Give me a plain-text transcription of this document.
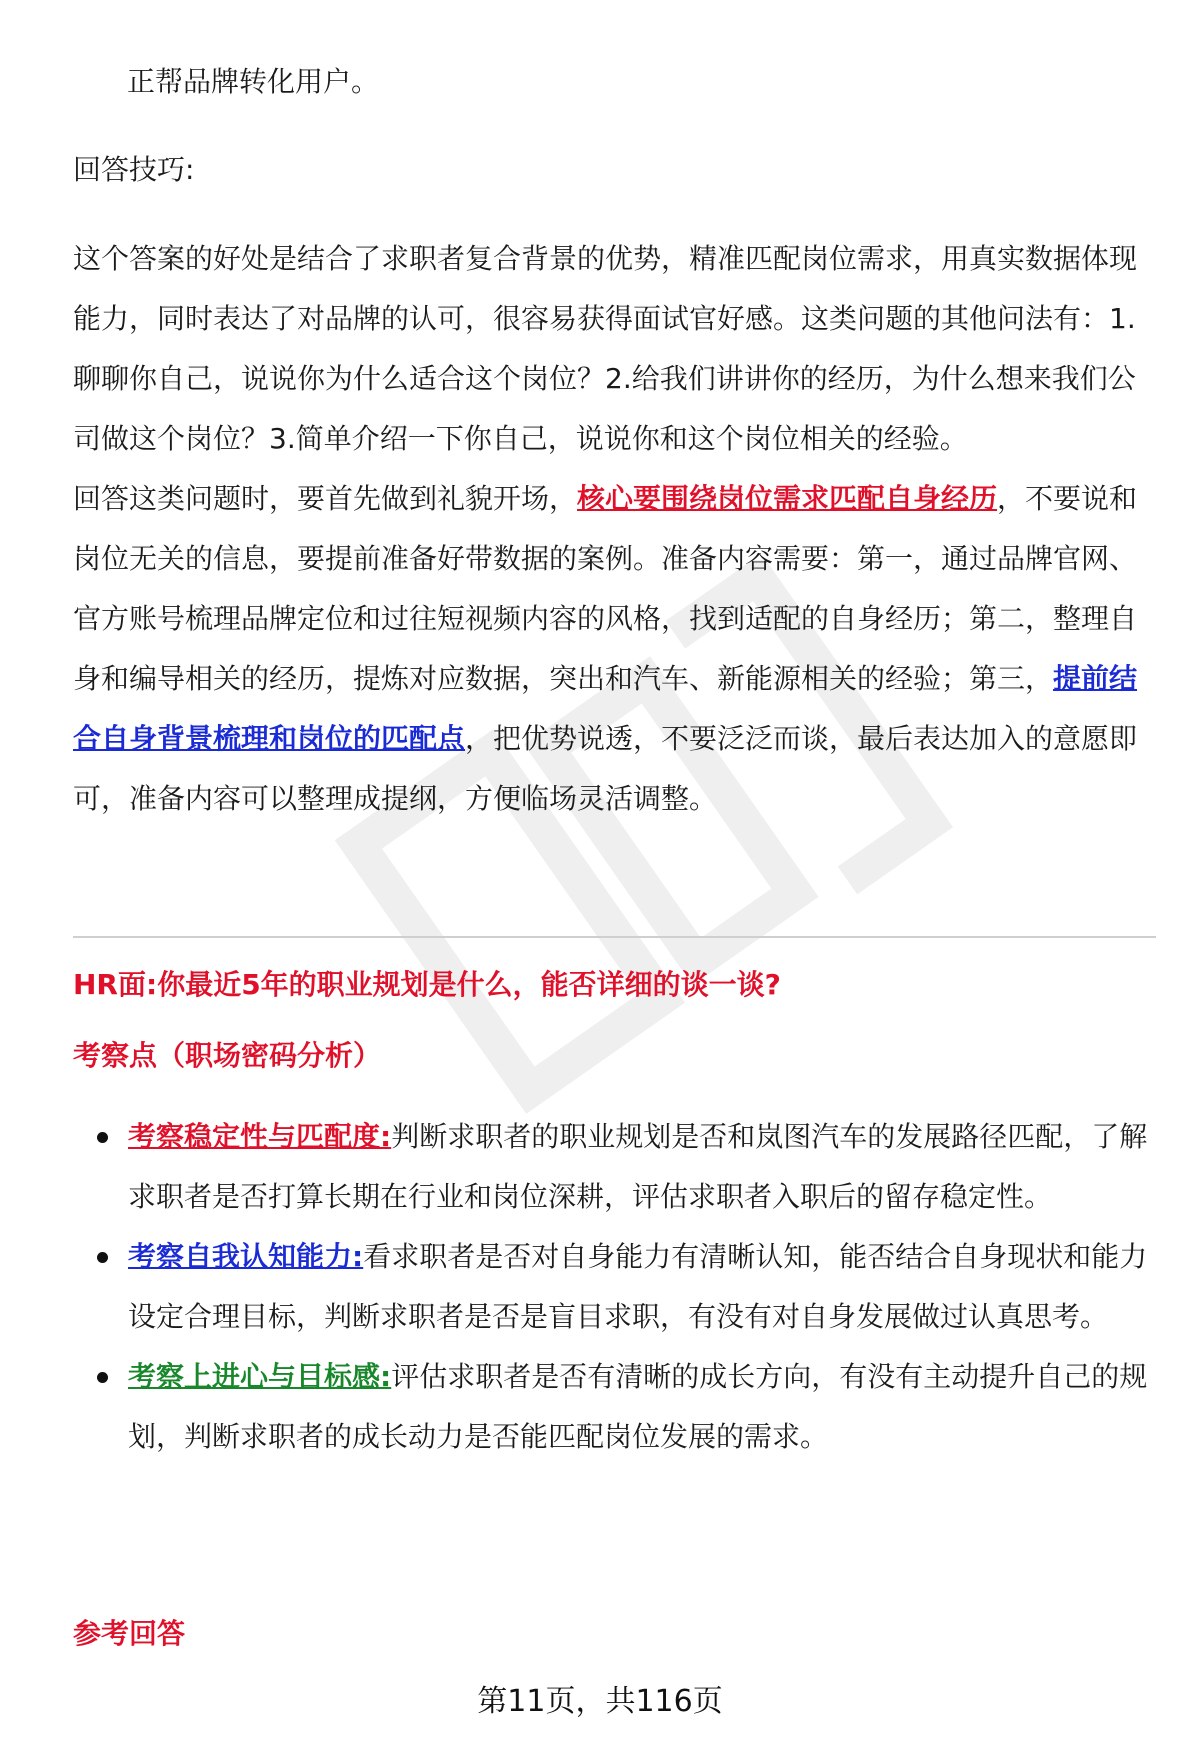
正帮品牌转化用户。
回答技巧:

这个答案的好处是结合了求职者复合背景的优势，精准匹配岗位需求，用真实数据体现能力，同时表达了对品牌的认可，很容易获得面试官好感。这类问题的其他问法有：1.聊聊你自己，说说你为什么适合这个岗位？2.给我们讲讲你的经历，为什么想来我们公司做这个岗位？3.简单介绍一下你自己，说说你和这个岗位相关的经验。

回答这类问题时，要首先做到礼貌开场，核心要围绕岗位需求匹配自身经历，不要说和岗位无关的信息，要提前准备好带数据的案例。准备内容需要：第一，通过品牌官网、官方账号梳理品牌定位和过往短视频内容的风格，找到适配的自身经历；第二，整理自身和编导相关的经历，提炼对应数据，突出和汽车、新能源相关的经验；第三，提前结合自身背景梳理和岗位的匹配点，把优势说透，不要泛泛而谈，最后表达加入的意愿即可，准备内容可以整理成提纲，方便临场灵活调整。

HR面:你最近5年的职业规划是什么，能否详细的谈一谈?
考察点（职场密码分析）
考察稳定性与匹配度:判断求职者的职业规划是否和岚图汽车的发展路径匹配，了解求职者是否打算长期在行业和岗位深耕，评估求职者入职后的留存稳定性。
考察自我认知能力:看求职者是否对自身能力有清晰认知，能否结合自身现状和能力设定合理目标，判断求职者是否是盲目求职，有没有对自身发展做过认真思考。
考察上进心与目标感:评估求职者是否有清晰的成长方向，有没有主动提升自己的规划，判断求职者的成长动力是否能匹配岗位发展的需求。
参考回答
第11页，共116页
